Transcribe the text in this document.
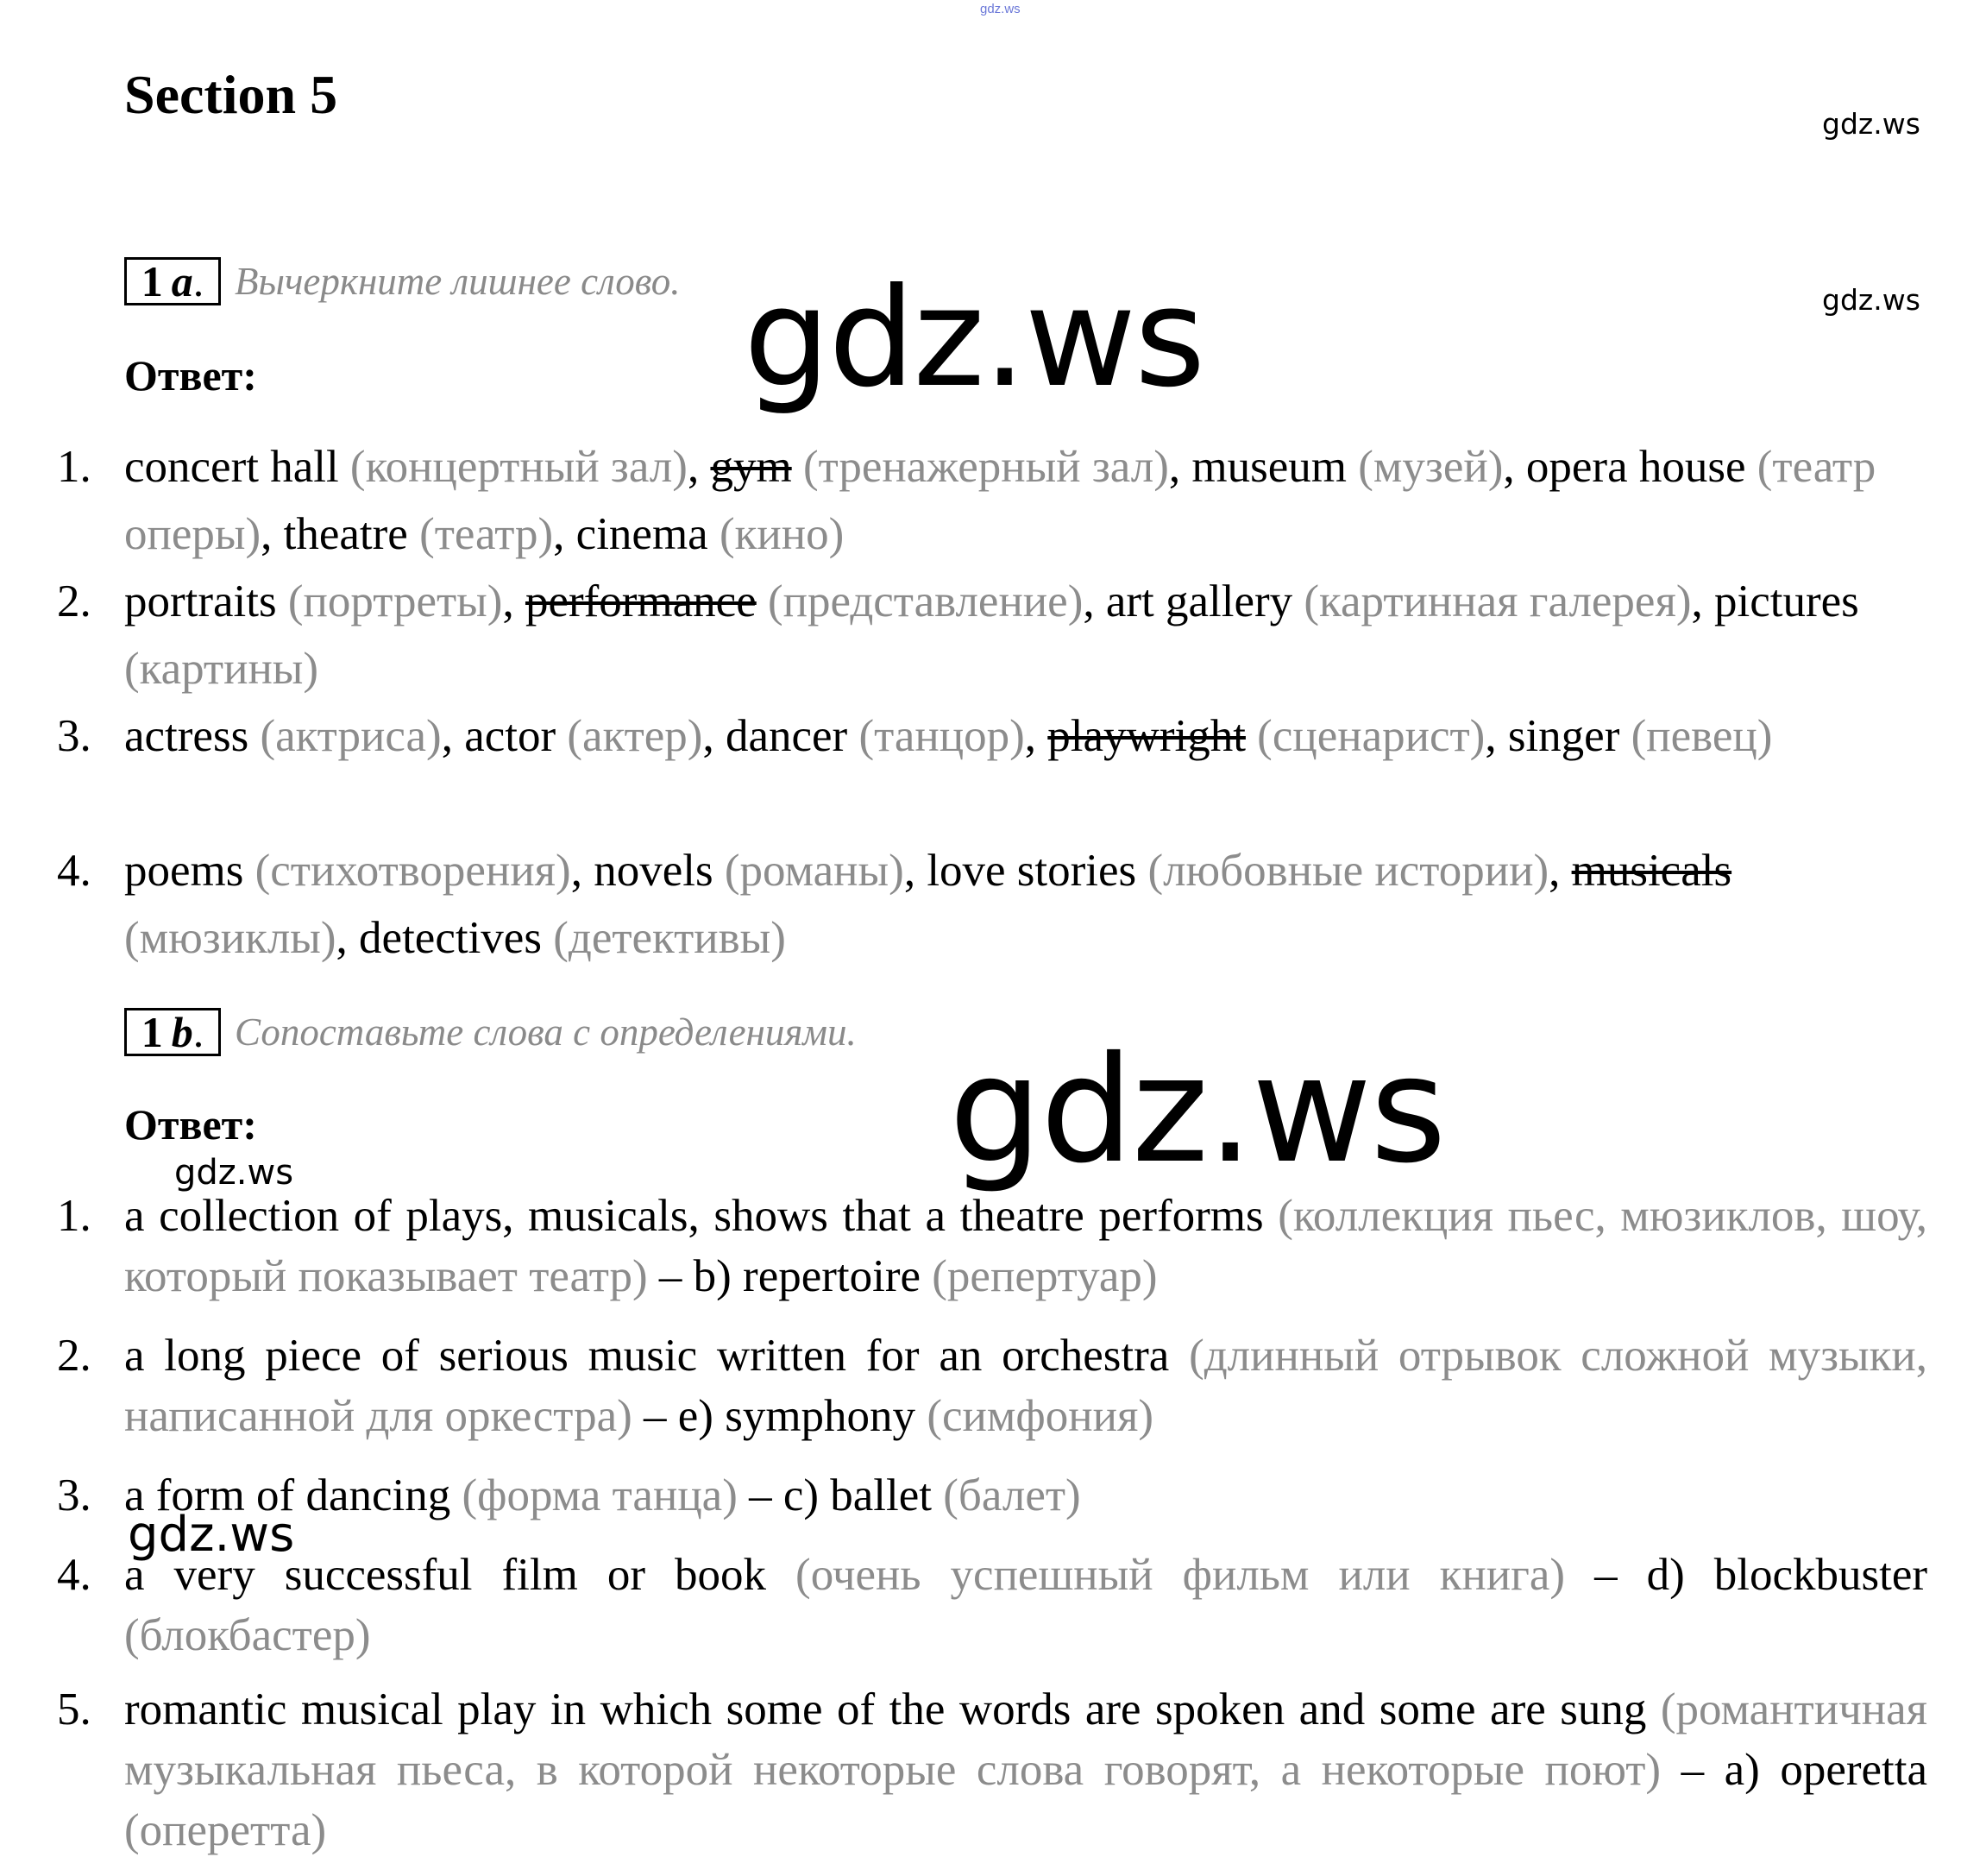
gdz.ws
Section 5	gdz.ws
gdz.ws
gdz.ws
1 a . Вычеркните лишнее слово.
Ответ:
1. concert hall (концертный зал), gym (тренажерный зал), museum (музей), opera house (театр оперы), theatre (театр), cinema (кино)
2. portraits (портреты), performance (представление), art gallery (картинная галерея), pictures (картины)
3. actress (актриса), actor (актер), dancer (танцор), playwright (сценарист), singer (певец)
4. poems (стихотворения), novels (романы), love stories (любовные истории), musicals (мюзиклы), detectives (детективы)
1 b . Сопоставьте слова с определениями. gdz.ws
Ответ:
gdz.ws
1. a collection of plays, musicals, shows that a theatre performs (коллекция пьес, мюзиклов, шоу, который показывает театр) – b) repertoire (репертуар)
2. a long piece of serious music written for an orchestra (длинный отрывок сложной музыки, написанной для оркестра) – e) symphony (симфония)
3. a form of dancing (форма танца) – c) ballet (балет)
gdz.ws
4. a very successful film or book (очень успешный фильм или книга) – d) blockbuster (блокбастер)
5. romantic musical play in which some of the words are spoken and some are sung (романтичная музыкальная пьеса, в которой некоторые слова говорят, а некоторые поют) – a) operetta (оперетта)
